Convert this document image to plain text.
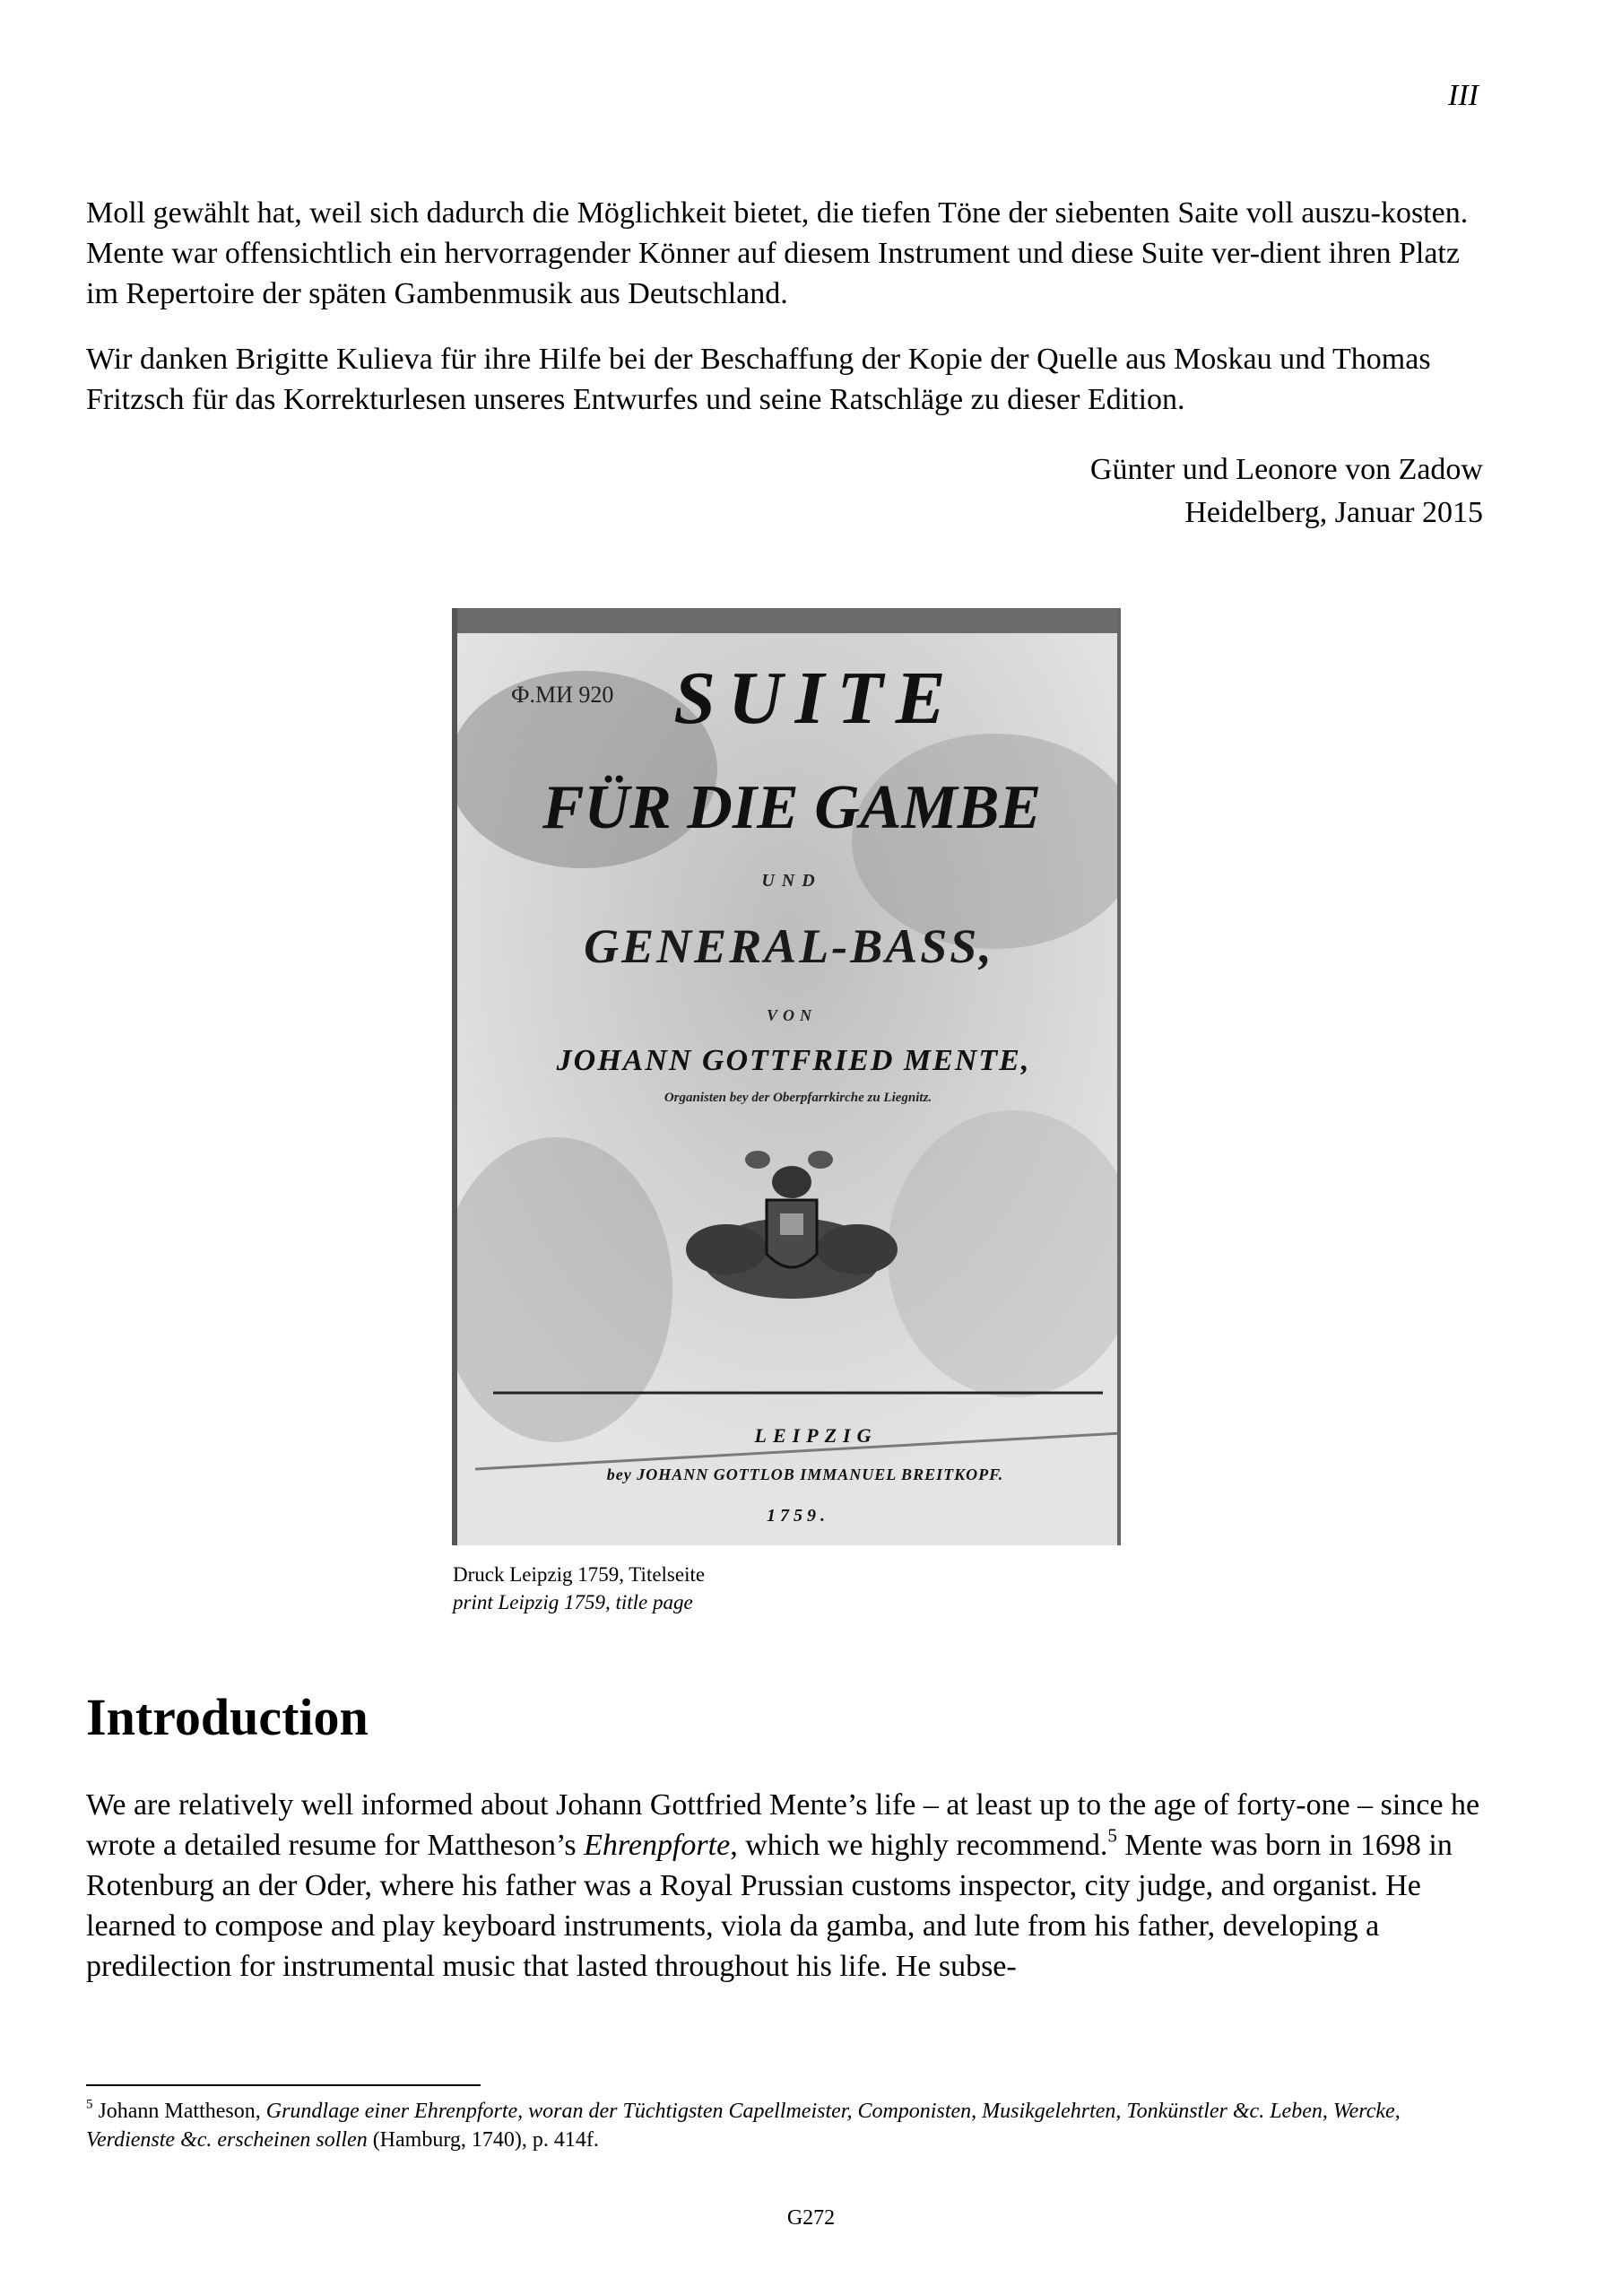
III

Moll gewählt hat, weil sich dadurch die Möglichkeit bietet, die tiefen Töne der siebenten Saite voll auszu-kosten. Mente war offensichtlich ein hervorragender Könner auf diesem Instrument und diese Suite ver-dient ihren Platz im Repertoire der späten Gambenmusik aus Deutschland.

Wir danken Brigitte Kulieva für ihre Hilfe bei der Beschaffung der Kopie der Quelle aus Moskau und Thomas Fritzsch für das Korrekturlesen unseres Entwurfes und seine Ratschläge zu dieser Edition.

Günter und Leonore von Zadow
Heidelberg, Januar 2015
Ф.МИ 920 SUITE
FÜR DIE GAMBE
UND
GENERAL-BASS,
VON
JOHANN GOTTFRIED MENTE,
Organisten bey der Oberpfarrkirche zu Liegnitz.
LEIPZIG
bey JOHANN GOTTLOB IMMANUEL BREITKOPF.
1759.
Druck Leipzig 1759, Titelseite
print Leipzig 1759, title page
Introduction

We are relatively well informed about Johann Gottfried Mente’s life – at least up to the age of forty-one – since he wrote a detailed resume for Mattheson’s Ehrenpforte, which we highly recommend.$^5$ Mente was born in 1698 in Rotenburg an der Oder, where his father was a Royal Prussian customs inspector, city judge, and organist. He learned to compose and play keyboard instruments, viola da gamba, and lute from his father, developing a predilection for instrumental music that lasted throughout his life. He subse-

$^5$ Johann Mattheson, Grundlage einer Ehrenpforte, woran der Tüchtigsten Capellmeister, Componisten, Musikgelehrten, Tonkünstler &c. Leben, Wercke, Verdienste &c. erscheinen sollen (Hamburg, 1740), p. 414f.
G272
